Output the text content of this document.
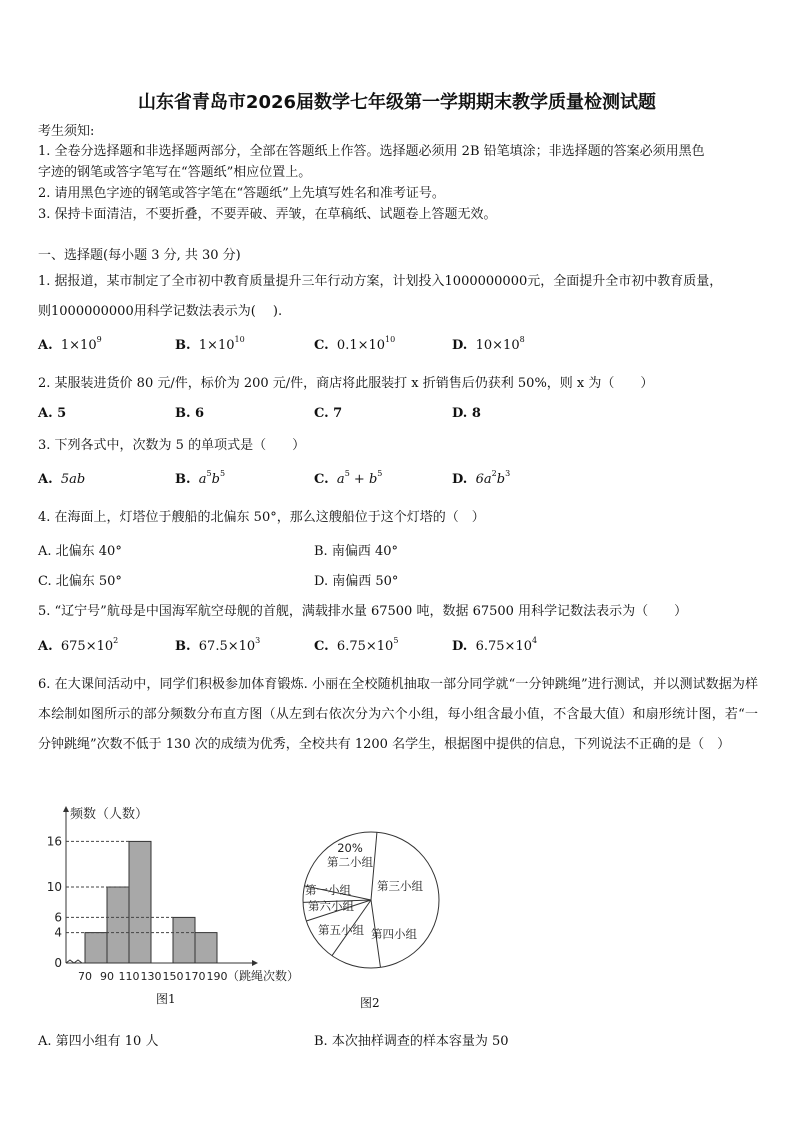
山东省青岛市2026届数学七年级第一学期期末教学质量检测试题
考生须知:
1. 全卷分选择题和非选择题两部分，全部在答题纸上作答。选择题必须用 2B 铅笔填涂；非选择题的答案必须用黑色
字迹的钢笔或答字笔写在“答题纸”相应位置上。
2. 请用黑色字迹的钢笔或答字笔在“答题纸”上先填写姓名和准考证号。
3. 保持卡面清洁，不要折叠，不要弄破、弄皱，在草稿纸、试题卷上答题无效。
一、选择题(每小题 3 分, 共 30 分)
1. 据报道，某市制定了全市初中教育质量提升三年行动方案，计划投入1000000000元，全面提升全市初中教育质量，
则1000000000用科学记数法表示为(　 ).
A. $1\times 10^9$	B. $1\times 10^{10}$	C. $0.1\times 10^{10}$	D. $10\times 10^8$
2. 某服装进货价 80 元/件，标价为 200 元/件，商店将此服装打 x 折销售后仍获利 50%，则 x 为（　　）
A. 5	B. 6	C. 7	D. 8
3. 下列各式中，次数为 5 的单项式是（　　）
A. 5ab	B. $a^5b^5$	C. $a^5 + b^5$	D. $6a^2b^3$
4. 在海面上，灯塔位于艘船的北偏东 50°，那么这艘船位于这个灯塔的（　）
A. 北偏东 40°	B. 南偏西 40°
C. 北偏东 50°	D. 南偏西 50°
5. “辽宁号”航母是中国海军航空母舰的首舰，满载排水量 67500 吨，数据 67500 用科学记数法表示为（　　）
A. $675\times 10^2$	B. $67.5\times 10^3$	C. $6.75\times 10^5$	D. $6.75\times 10^4$
6. 在大课间活动中，同学们积极参加体育锻炼. 小丽在全校随机抽取一部分同学就“一分钟跳绳”进行测试，并以测试数据为样本绘制如图所示的部分频数分布直方图（从左到右依次分为六个小组，每小组含最小值，不含最大值）和扇形统计图，若“一分钟跳绳”次数不低于 130 次的成绩为优秀，全校共有 1200 名学生，根据图中提供的信息，下列说法不正确的是（　）
频数（人数）
0
4
6
10
16
70 90 110 130 150 170 190 （跳绳次数）
图1
20%第二小组
第三小组
第四小组
第五小组
第六小组
第一小组
图2
A. 第四小组有 10 人	B. 本次抽样调查的样本容量为 50
